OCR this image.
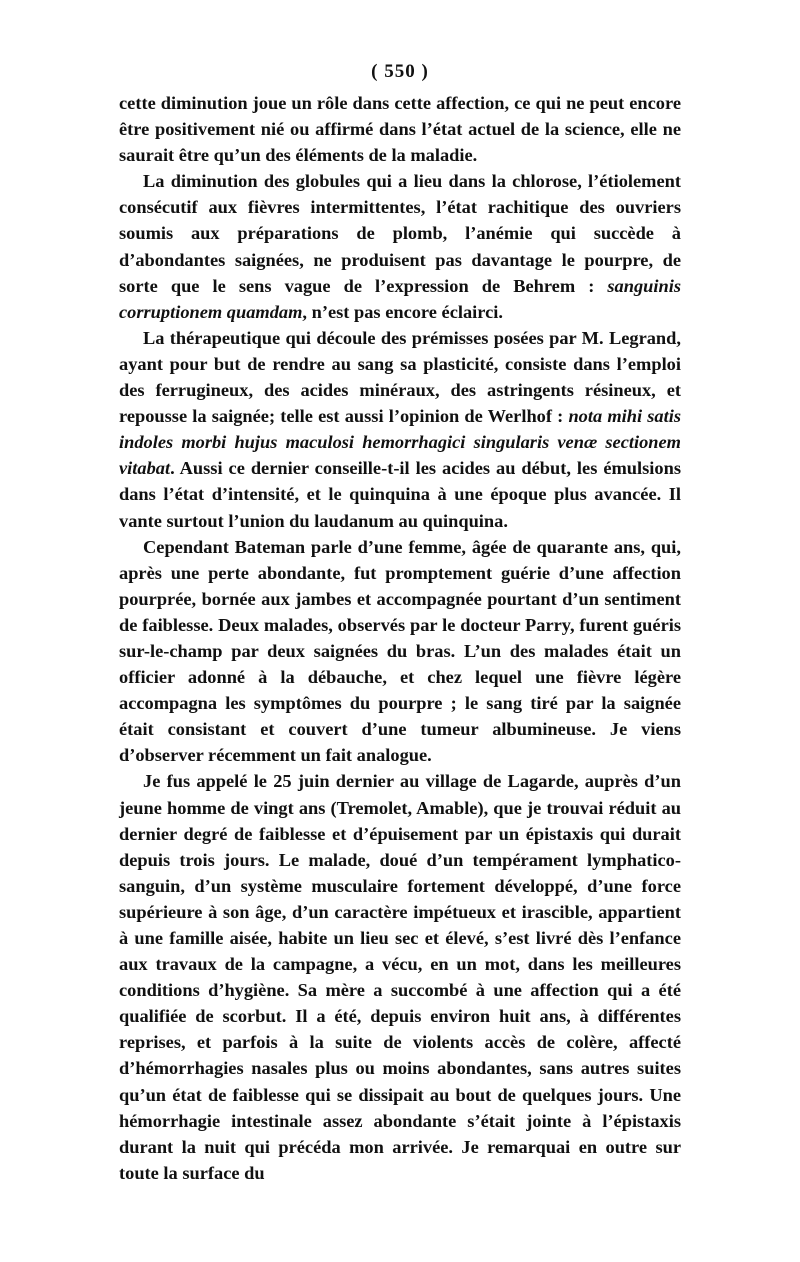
( 550 )

cette diminution joue un rôle dans cette affection, ce qui ne peut encore être positivement nié ou affirmé dans l’état actuel de la science, elle ne saurait être qu’un des éléments de la maladie.

La diminution des globules qui a lieu dans la chlorose, l’étiolement consécutif aux fièvres intermittentes, l’état rachitique des ouvriers soumis aux préparations de plomb, l’anémie qui succède à d’abondantes saignées, ne produisent pas davantage le pourpre, de sorte que le sens vague de l’expression de Behrem : sanguinis corruptionem quamdam, n’est pas encore éclairci.

La thérapeutique qui découle des prémisses posées par M. Legrand, ayant pour but de rendre au sang sa plasticité, consiste dans l’emploi des ferrugineux, des acides minéraux, des astringents résineux, et repousse la saignée; telle est aussi l’opinion de Werlhof : nota mihi satis indoles morbi hujus maculosi hemorrhagici singularis venæ sectionem vitabat. Aussi ce dernier conseille-t-il les acides au début, les émulsions dans l’état d’intensité, et le quinquina à une époque plus avancée. Il vante surtout l’union du laudanum au quinquina.

Cependant Bateman parle d’une femme, âgée de quarante ans, qui, après une perte abondante, fut promptement guérie d’une affection pourprée, bornée aux jambes et accompagnée pourtant d’un sentiment de faiblesse. Deux malades, observés par le docteur Parry, furent guéris sur-le-champ par deux saignées du bras. L’un des malades était un officier adonné à la débauche, et chez lequel une fièvre légère accompagna les symptômes du pourpre ; le sang tiré par la saignée était consistant et couvert d’une tumeur albumineuse. Je viens d’observer récemment un fait analogue.

Je fus appelé le 25 juin dernier au village de Lagarde, auprès d’un jeune homme de vingt ans (Tremolet, Amable), que je trouvai réduit au dernier degré de faiblesse et d’épuisement par un épistaxis qui durait depuis trois jours. Le malade, doué d’un tempérament lymphatico-sanguin, d’un système musculaire fortement développé, d’une force supérieure à son âge, d’un caractère impétueux et irascible, appartient à une famille aisée, habite un lieu sec et élevé, s’est livré dès l’enfance aux travaux de la campagne, a vécu, en un mot, dans les meilleures conditions d’hygiène. Sa mère a succombé à une affection qui a été qualifiée de scorbut. Il a été, depuis environ huit ans, à différentes reprises, et parfois à la suite de violents accès de colère, affecté d’hémorrhagies nasales plus ou moins abondantes, sans autres suites qu’un état de faiblesse qui se dissipait au bout de quelques jours. Une hémorrhagie intestinale assez abondante s’était jointe à l’épistaxis durant la nuit qui précéda mon arrivée. Je remarquai en outre sur toute la surface du
